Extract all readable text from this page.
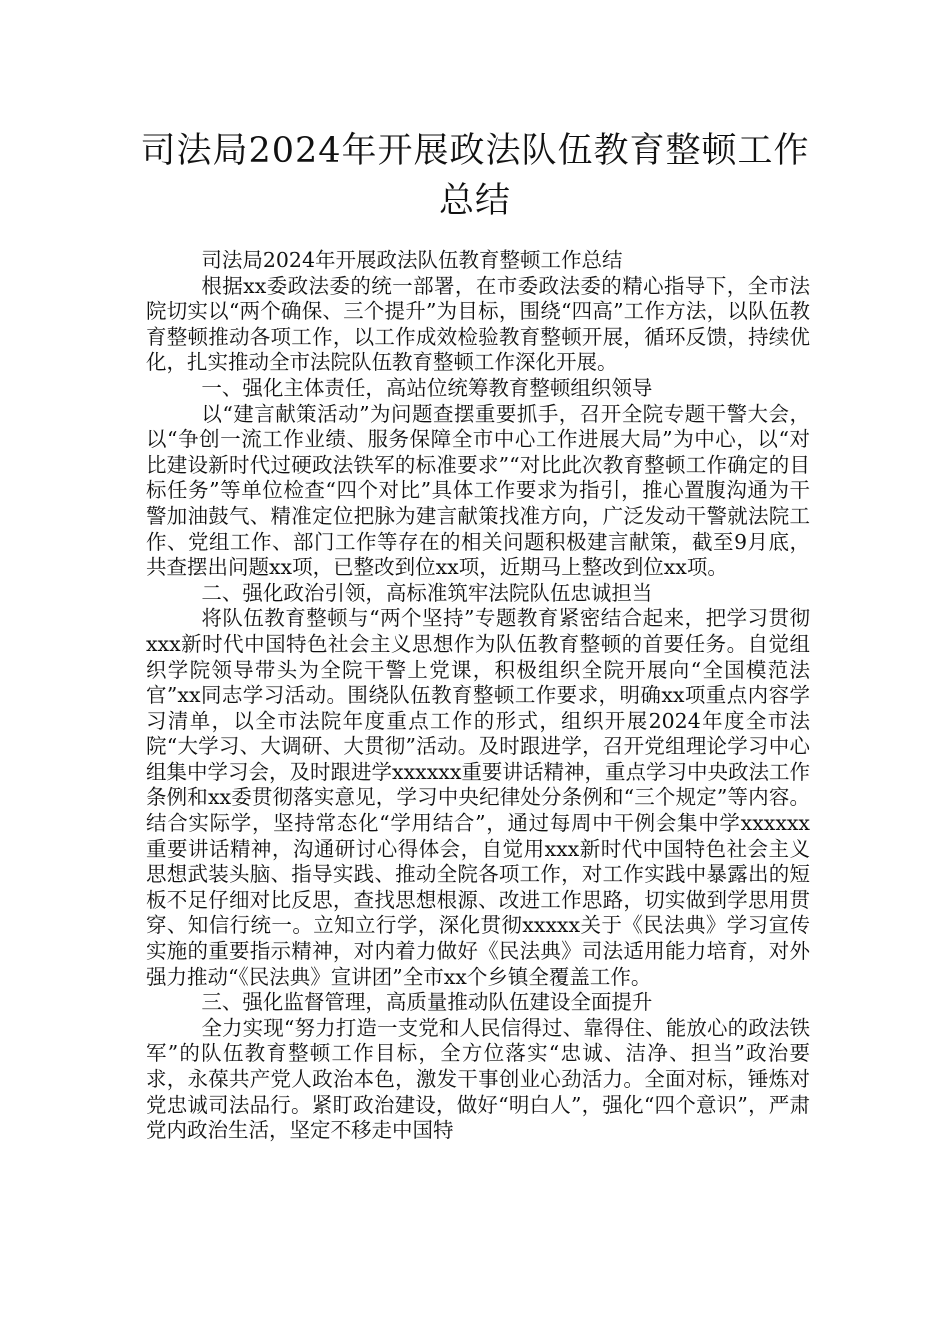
司法局2024年开展政法队伍教育整顿工作
总结

司法局2024年开展政法队伍教育整顿工作总结

根据xx委政法委的统一部署，在市委政法委的精心指导下，全市法院切实以“两个确保、三个提升”为目标，围绕“四高”工作方法，以队伍教育整顿推动各项工作，以工作成效检验教育整顿开展，循环反馈，持续优化，扎实推动全市法院队伍教育整顿工作深化开展。

一、强化主体责任，高站位统筹教育整顿组织领导

以“建言献策活动”为问题查摆重要抓手，召开全院专题干警大会，以“争创一流工作业绩、服务保障全市中心工作进展大局”为中心，以“对比建设新时代过硬政法铁军的标准要求”“对比此次教育整顿工作确定的目标任务”等单位检查“四个对比”具体工作要求为指引，推心置腹沟通为干警加油鼓气、精准定位把脉为建言献策找准方向，广泛发动干警就法院工作、党组工作、部门工作等存在的相关问题积极建言献策，截至9月底，共查摆出问题xx项，已整改到位xx项，近期马上整改到位xx项。

二、强化政治引领，高标准筑牢法院队伍忠诚担当

将队伍教育整顿与“两个坚持”专题教育紧密结合起来，把学习贯彻xxx新时代中国特色社会主义思想作为队伍教育整顿的首要任务。自觉组织学院领导带头为全院干警上党课，积极组织全院开展向“全国模范法官”xx同志学习活动。围绕队伍教育整顿工作要求，明确xx项重点内容学习清单，以全市法院年度重点工作的形式，组织开展2024年度全市法院“大学习、大调研、大贯彻”活动。及时跟进学，召开党组理论学习中心组集中学习会，及时跟进学xxxxxx重要讲话精神，重点学习中央政法工作条例和xx委贯彻落实意见，学习中央纪律处分条例和“三个规定”等内容。结合实际学，坚持常态化“学用结合”，通过每周中干例会集中学xxxxxx重要讲话精神，沟通研讨心得体会，自觉用xxx新时代中国特色社会主义思想武装头脑、指导实践、推动全院各项工作，对工作实践中暴露出的短板不足仔细对比反思，查找思想根源、改进工作思路，切实做到学思用贯穿、知信行统一。立知立行学，深化贯彻xxxxx关于《民法典》学习宣传实施的重要指示精神，对内着力做好《民法典》司法适用能力培育，对外强力推动“《民法典》宣讲团”全市xx个乡镇全覆盖工作。

三、强化监督管理，高质量推动队伍建设全面提升

全力实现“努力打造一支党和人民信得过、靠得住、能放心的政法铁军”的队伍教育整顿工作目标，全方位落实“忠诚、洁净、担当”政治要求，永葆共产党人政治本色，激发干事创业心劲活力。全面对标，锤炼对党忠诚司法品行。紧盯政治建设，做好“明白人”，强化“四个意识”，严肃党内政治生活，坚定不移走中国特
